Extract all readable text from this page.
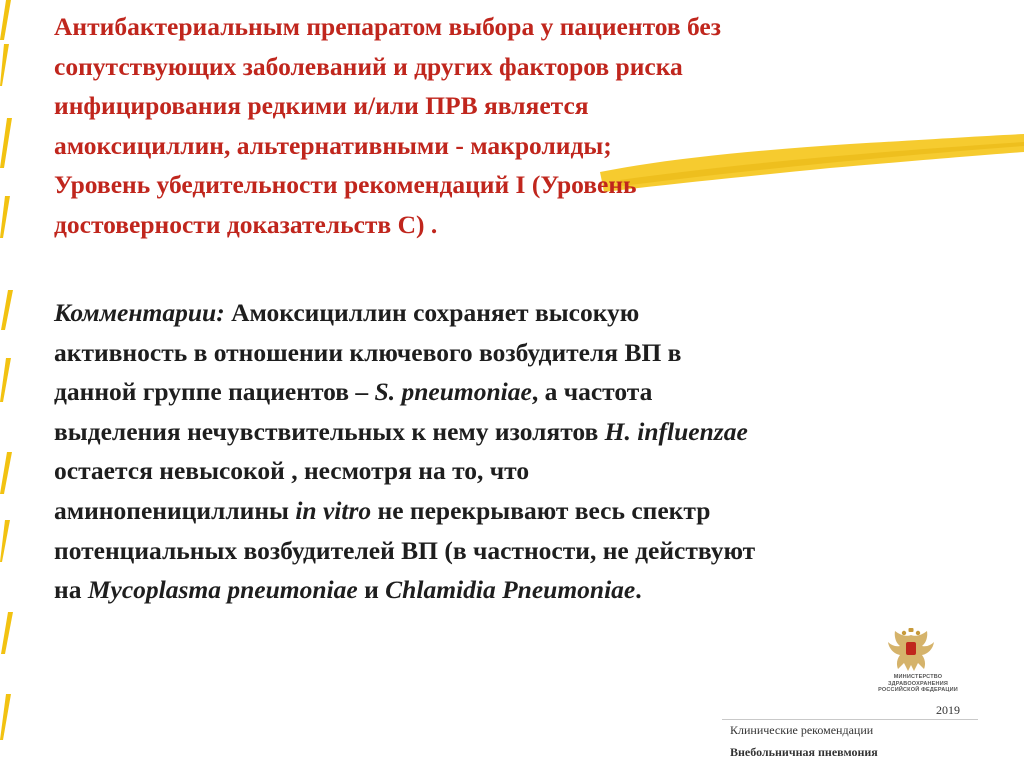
Антибактериальным препаратом выбора у пациентов без
сопутствующих заболеваний и других факторов риска
инфицирования редкими и/или ПРВ является
амоксициллин, альтернативными - макролиды;
Уровень убедительности рекомендаций I (Уровень
достоверности доказательств С) .
Комментарии: Амоксициллин сохраняет высокую
активность в отношении ключевого возбудителя ВП в
данной группе пациентов – S. pneumoniae, а частота
выделения нечувствительных к нему изолятов H. influenzae
остается невысокой , несмотря на то, что
аминопенициллины in vitro не перекрывают весь спектр
потенциальных возбудителей ВП (в частности, не действуют
на Mycoplasma pneumoniae и Chlamidia Pneumoniae.
МИНИСТЕРСТВО
ЗДРАВООХРАНЕНИЯ
РОССИЙСКОЙ ФЕДЕРАЦИИ
2019
Клинические рекомендации
Внебольничная пневмония
